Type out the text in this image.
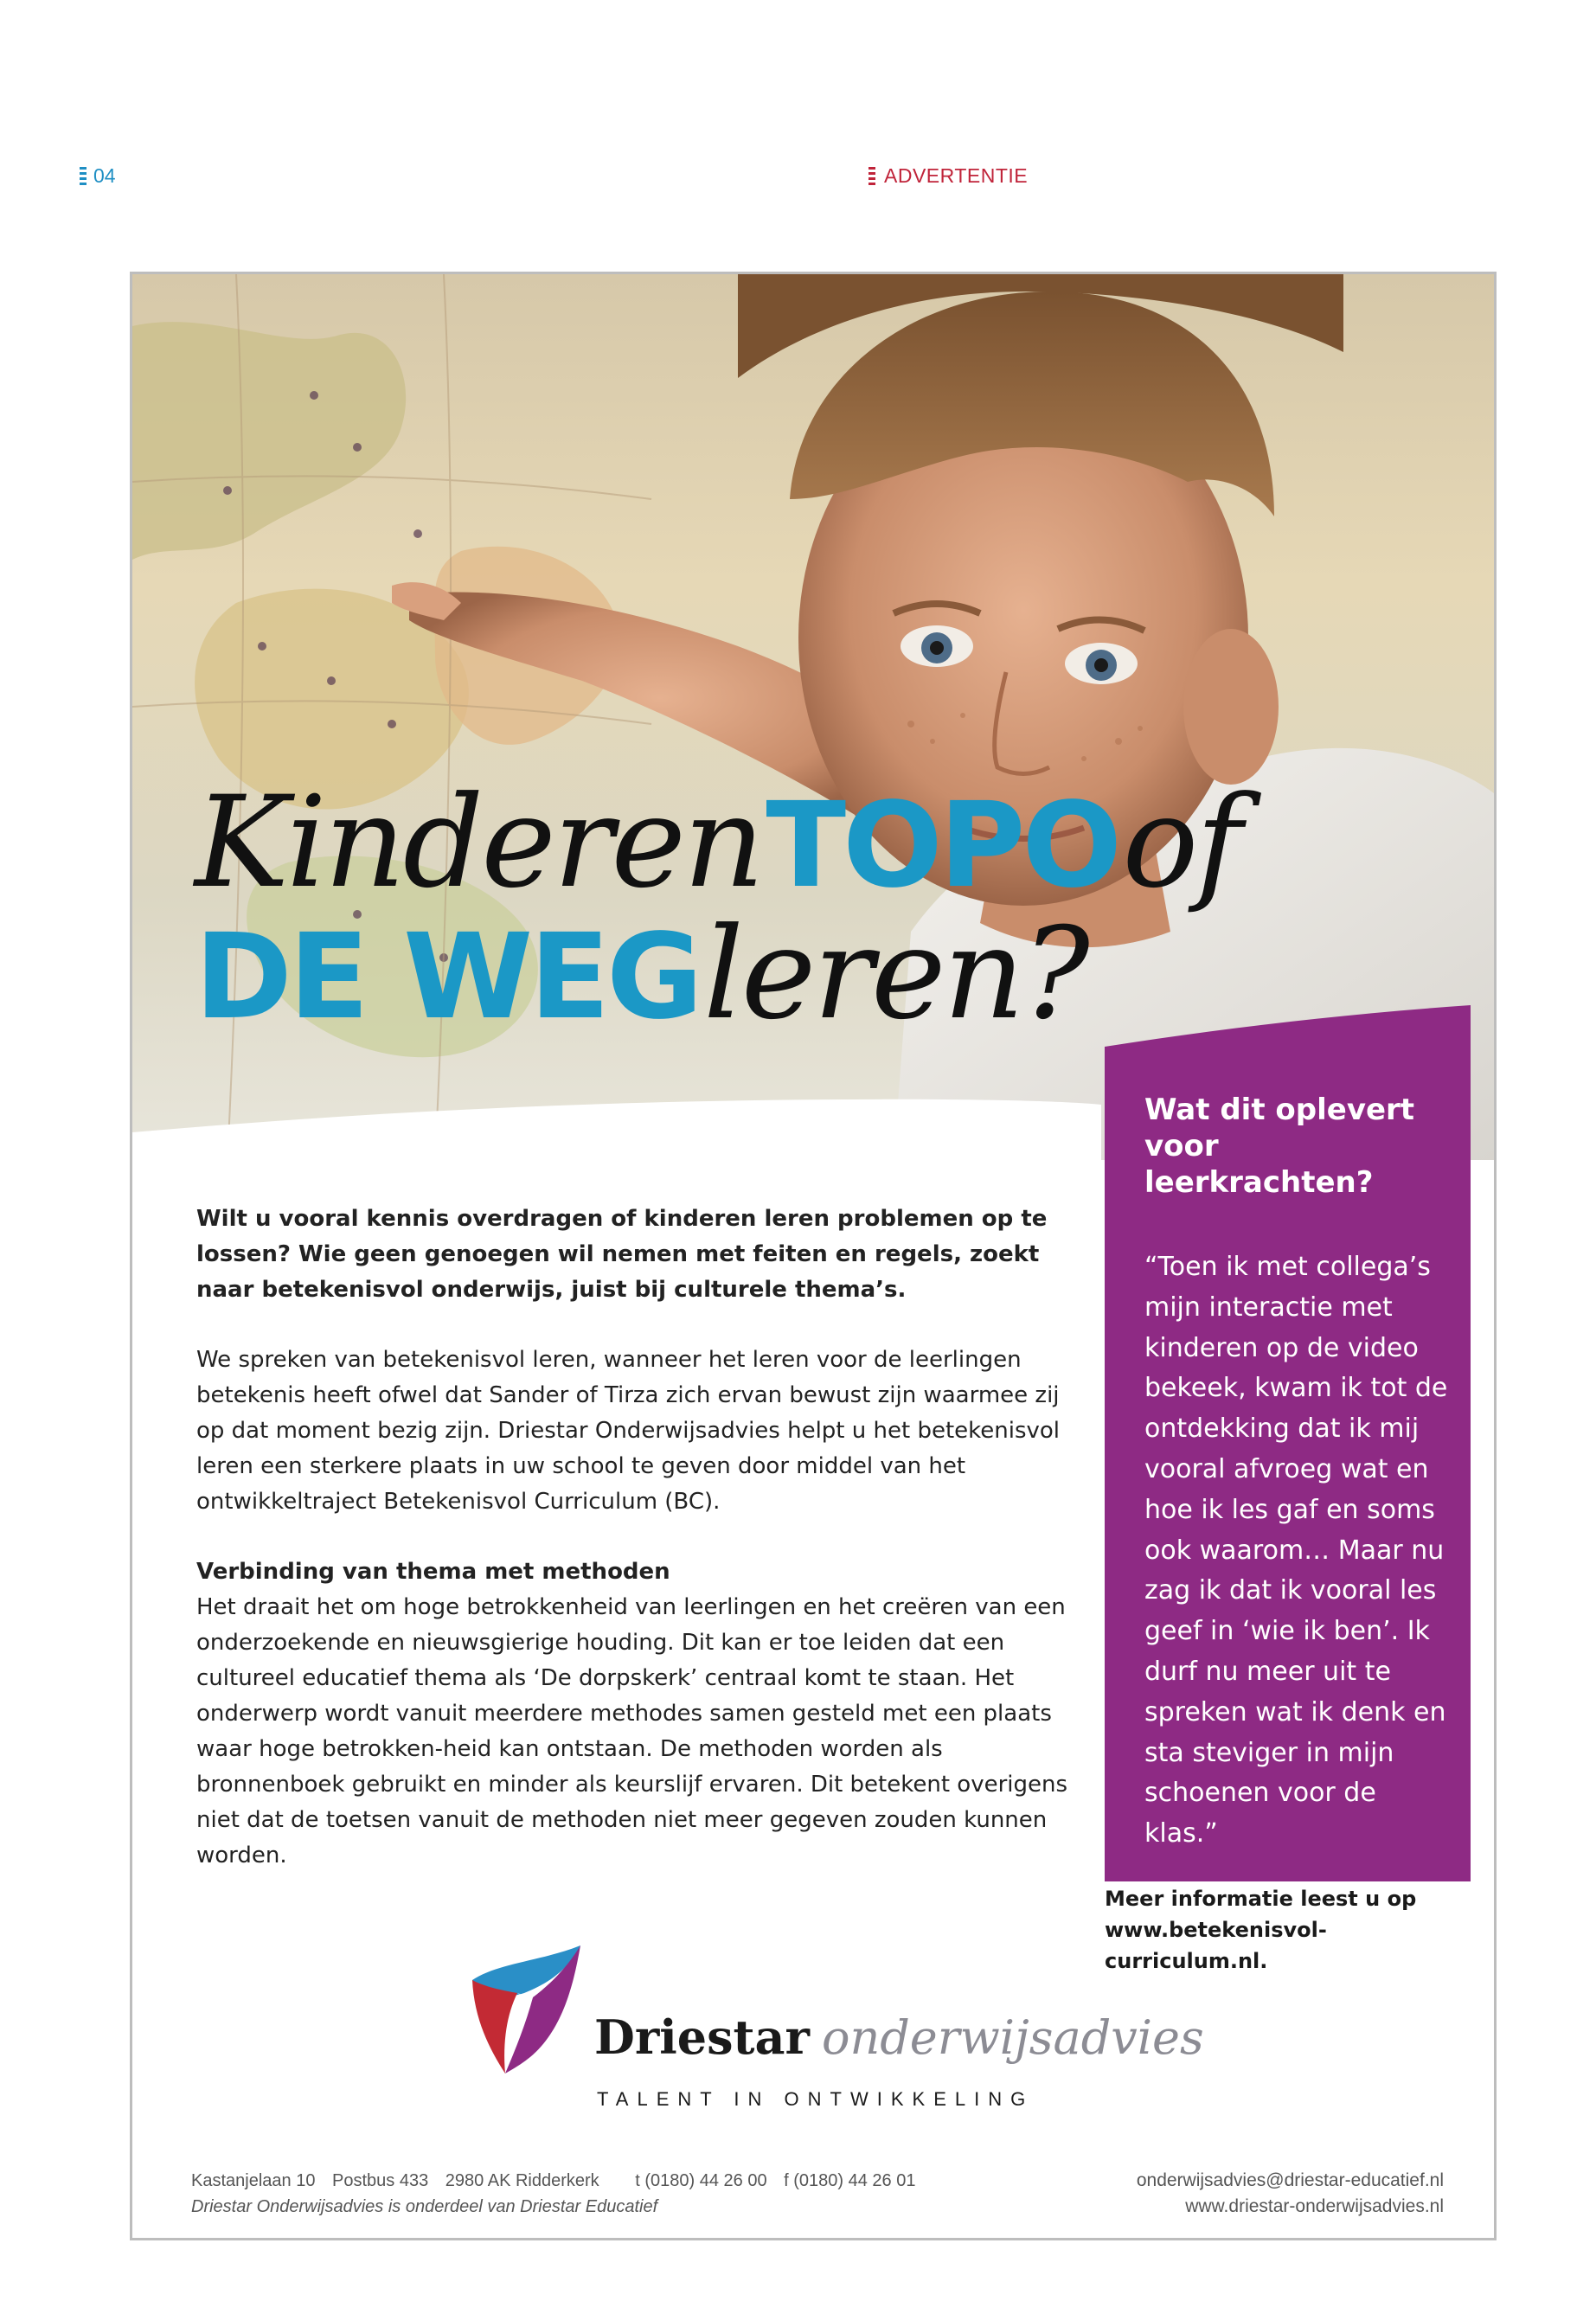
04	ADVERTENTIE
Kinderen TOPO of
DE WEG leren?

Wilt u vooral kennis overdragen of kinderen leren problemen op te lossen? Wie geen genoegen wil nemen met feiten en regels, zoekt naar betekenisvol onderwijs, juist bij culturele thema’s.

We spreken van betekenisvol leren, wanneer het leren voor de leerlingen betekenis heeft ofwel dat Sander of Tirza zich ervan bewust zijn waarmee zij op dat moment bezig zijn. Driestar Onderwijsadvies helpt u het betekenisvol leren een sterkere plaats in uw school te geven door middel van het ontwikkeltraject Betekenisvol Curriculum (BC).

Verbinding van thema met methoden

Het draait het om hoge betrokkenheid van leerlingen en het creëren van een onderzoekende en nieuwsgierige houding. Dit kan er toe leiden dat een cultureel educatief thema als ‘De dorpskerk’ centraal komt te staan. Het onderwerp wordt vanuit meerdere methodes samen gesteld met een plaats waar hoge betrokken-heid kan ontstaan. De methoden worden als bronnenboek gebruikt en minder als keurslijf ervaren. Dit betekent overigens niet dat de toetsen vanuit de methoden niet meer gegeven zouden kunnen worden.

Wat dit oplevert voor leerkrachten?
“Toen ik met collega’s mijn interactie met kinderen op de video bekeek, kwam ik tot de ontdekking dat ik mij vooral afvroeg wat en hoe ik les gaf en soms ook waarom… Maar nu zag ik dat ik vooral les geef in ‘wie ik ben’. Ik durf nu meer uit te spreken wat ik denk en sta steviger in mijn schoenen voor de klas.”
Meer informatie leest u op
www.betekenisvol-curriculum.nl.
Driestar onderwijsadvies
TALENT IN ONTWIKKELING
Kastanjelaan 10 Postbus 433 2980 AK Ridderkerk t (0180) 44 26 00 f (0180) 44 26 01
Driestar Onderwijsadvies is onderdeel van Driestar Educatief
onderwijsadvies@driestar-educatief.nl
www.driestar-onderwijsadvies.nl
